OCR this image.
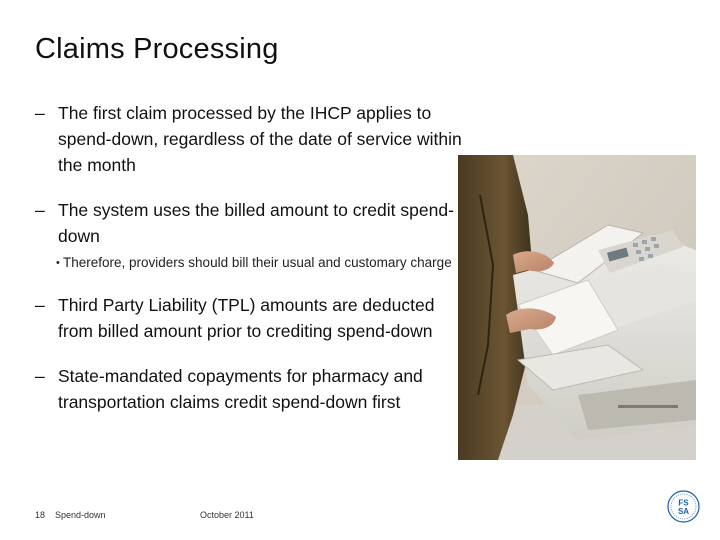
Claims Processing
– The first claim processed by the IHCP applies to spend-down, regardless of the date of service within the month
– The system uses the billed amount to credit spend-down
• Therefore, providers should bill their usual and customary charge
– Third Party Liability (TPL) amounts are deducted from billed amount prior to crediting spend-down
– State-mandated copayments for pharmacy and transportation claims credit spend-down first
18 Spend-down	October 2011
FS
SA
